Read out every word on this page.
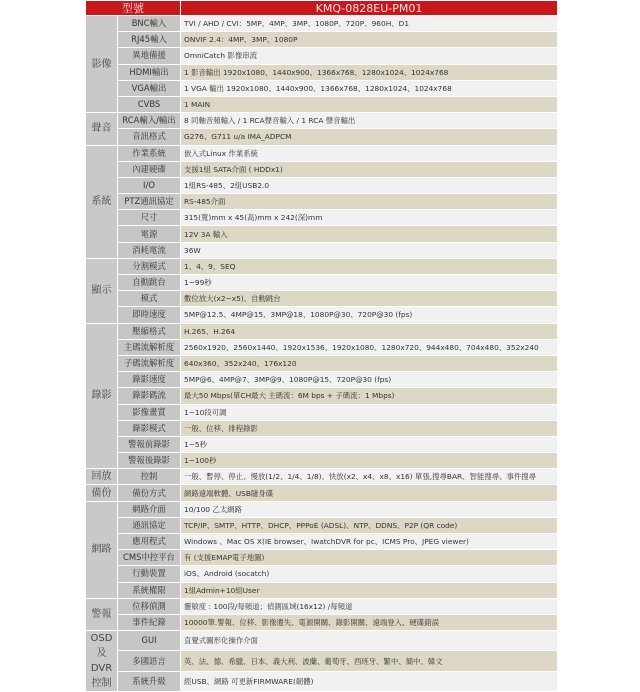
型號		KMQ-0828EU-PM01
影像	BNC輸入	TVI / AHD / CVI：5MP、4MP、3MP、1080P、720P、960H、D1
	RJ45輸入	ONVIF 2.4：4MP、3MP、1080P
	異地備援	OmniCatch 影像串流
	HDMI輸出	1 影音輸出 1920x1080、1440x900、1366x768、1280x1024、1024x768
	VGA輸出	1 VGA 輸出 1920x1080、1440x900、1366x768、1280x1024、1024x768
	CVBS	1 MAIN
聲音	RCA輸入/輸出	8 同軸音頻輸入 / 1 RCA聲音輸入 / 1 RCA 聲音輸出
	音訊格式	G276、G711 u/a IMA_ADPCM
系統	作業系統	嵌入式Linux 作業系統
	內建硬碟	支援1組 SATA介面 ( HDDx1)
	I/O	1組RS-485、2組USB2.0
	PTZ通訊協定	RS-485介面
	尺寸	315(寬)mm x 45(高)mm x 242(深)mm
	電源	12V 3A 輸入
	消耗電流	36W
顯示	分割模式	1、4、9、SEQ
	自動跳台	1~99秒
	模式	數位放大(x2~x5)、自動跳台
	即時速度	5MP@12.5、4MP@15、3MP@18、1080P@30、720P@30 (fps)
錄影	壓縮格式	H.265、H.264
	主碼流解析度	2560x1920、2560x1440、1920x1536、1920x1080、1280x720、944x480、704x480、352x240
	子碼流解析度	640x360、352x240、176x120
	錄影速度	5MP@6、4MP@7、3MP@9、1080P@15、720P@30 (fps)
	錄影碼流	最大50 Mbps(單CH最大 主碼流：6M bps + 子碼流：1 Mbps)
	影像畫質	1~10段可調
	錄影模式	一般、位移、排程錄影
	警報前錄影	1~5秒
	警報後錄影	1~100秒
回放	控制	一般、暫停、停止、慢放(1/2、1/4、1/8)、快放(x2、x4、x8、x16) 單張,搜尋BAR、智能搜尋、事件搜尋
備份	備份方式	網路遠端軟體、USB隨身碟
網路	網路介面	10/100 乙太網路
	通訊協定	TCP/IP、SMTP、HTTP、DHCP、PPPoE (ADSL)、NTP、DDNS、P2P (QR code)
	應用程式	Windows 、Mac OS X(IE browser、IwatchDVR for pc、ICMS Pro、JPEG viewer)
	CMS中控平台	有 (支援EMAP電子地圖)
	行動裝置	iOS、Android (socatch)
	系統權限	1組Admin+10組User
警報	位移偵測	靈敏度 : 100段/每頻道；偵測區域(16x12) /每頻道
	事件紀錄	10000筆.警報、位移、影像遺失、電源開關、錄影開關、遠端登入、硬碟錯誤
OSD 及 DVR 控制	GUI	直覺式圖形化操作介面
	多國語言	英、法、德、希臘、日本、義大利、波蘭、葡萄牙、西班牙、繁中、簡中、韓文
	系統升級	經USB、網路 可更新FIRMWARE(韌體)
